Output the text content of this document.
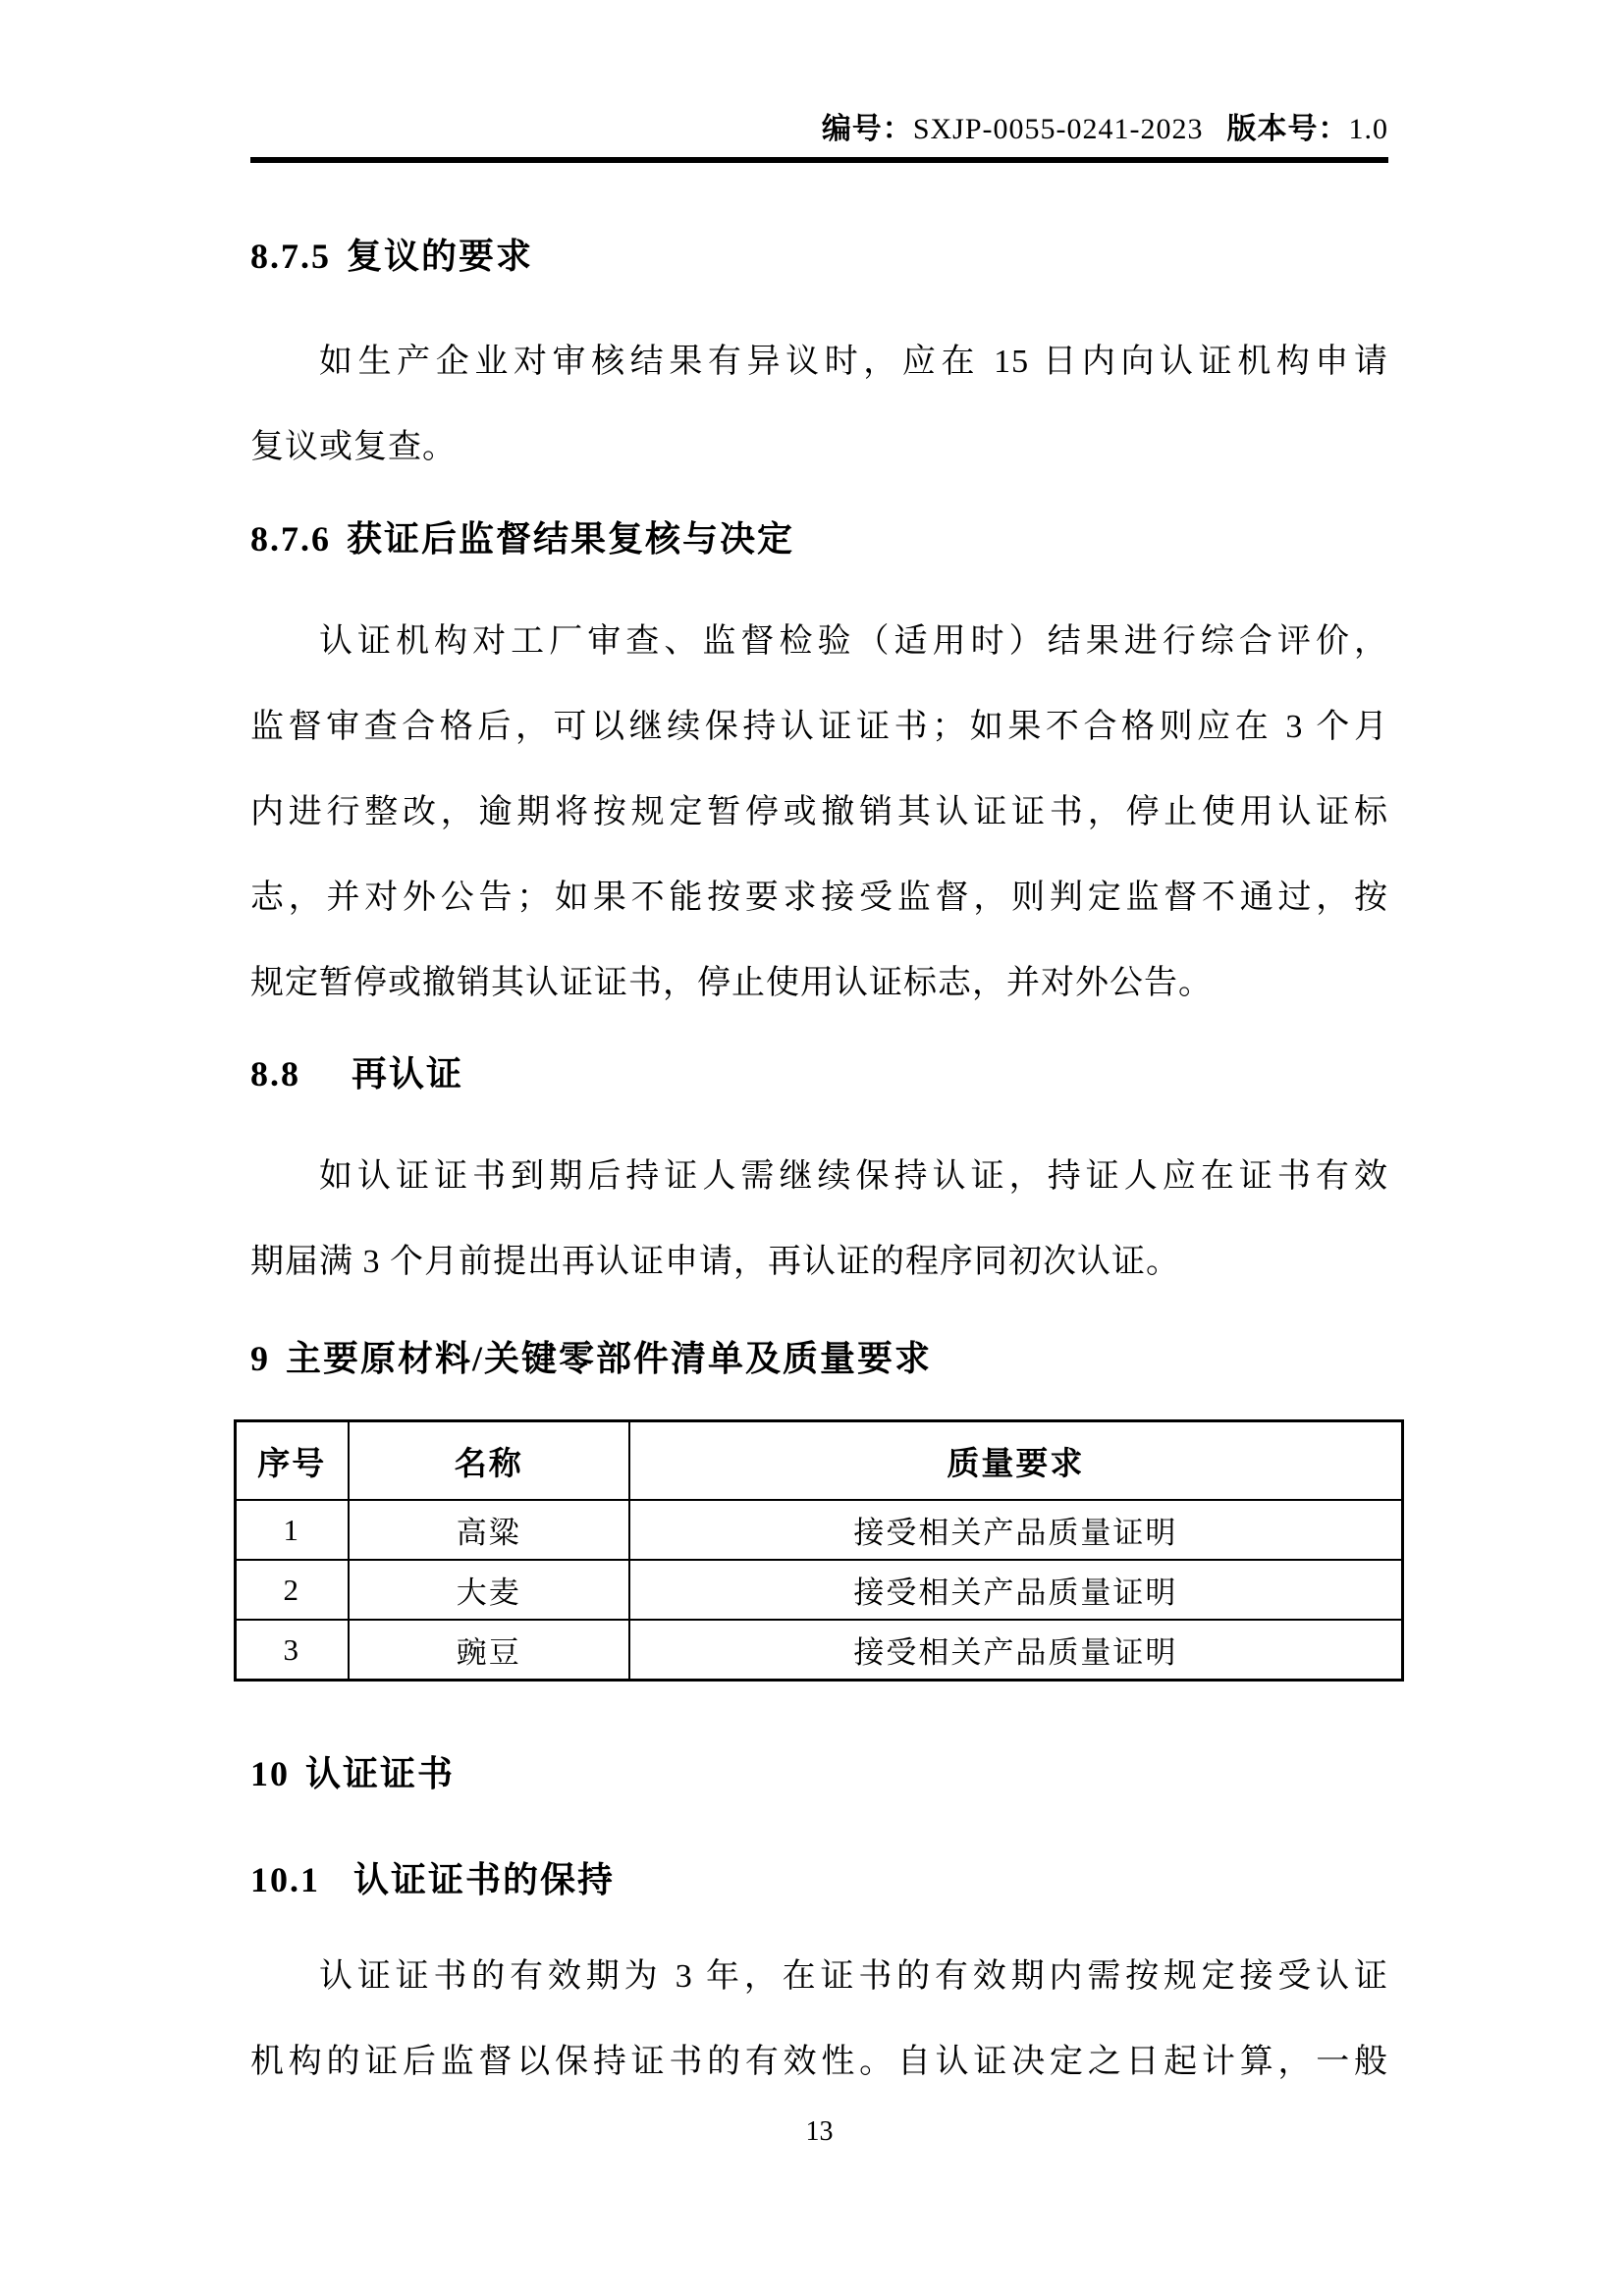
编号：SXJP-0055-0241-2023 版本号：1.0
8.7.5 复议的要求
如生产企业对审核结果有异议时，应在 15 日内向认证机构申请
复议或复查。
8.7.6 获证后监督结果复核与决定
认证机构对工厂审查、监督检验（适用时）结果进行综合评价，
监督审查合格后，可以继续保持认证证书；如果不合格则应在 3 个月
内进行整改，逾期将按规定暂停或撤销其认证证书，停止使用认证标
志，并对外公告；如果不能按要求接受监督，则判定监督不通过，按
规定暂停或撤销其认证证书，停止使用认证标志，并对外公告。
8.8 再认证
如认证证书到期后持证人需继续保持认证，持证人应在证书有效
期届满 3 个月前提出再认证申请，再认证的程序同初次认证。
9 主要原材料/关键零部件清单及质量要求
序号	名称	质量要求
1	高粱	接受相关产品质量证明
2	大麦	接受相关产品质量证明
3	豌豆	接受相关产品质量证明
10 认证证书
10.1 认证证书的保持
认证证书的有效期为 3 年，在证书的有效期内需按规定接受认证
机构的证后监督以保持证书的有效性。自认证决定之日起计算，一般
13
